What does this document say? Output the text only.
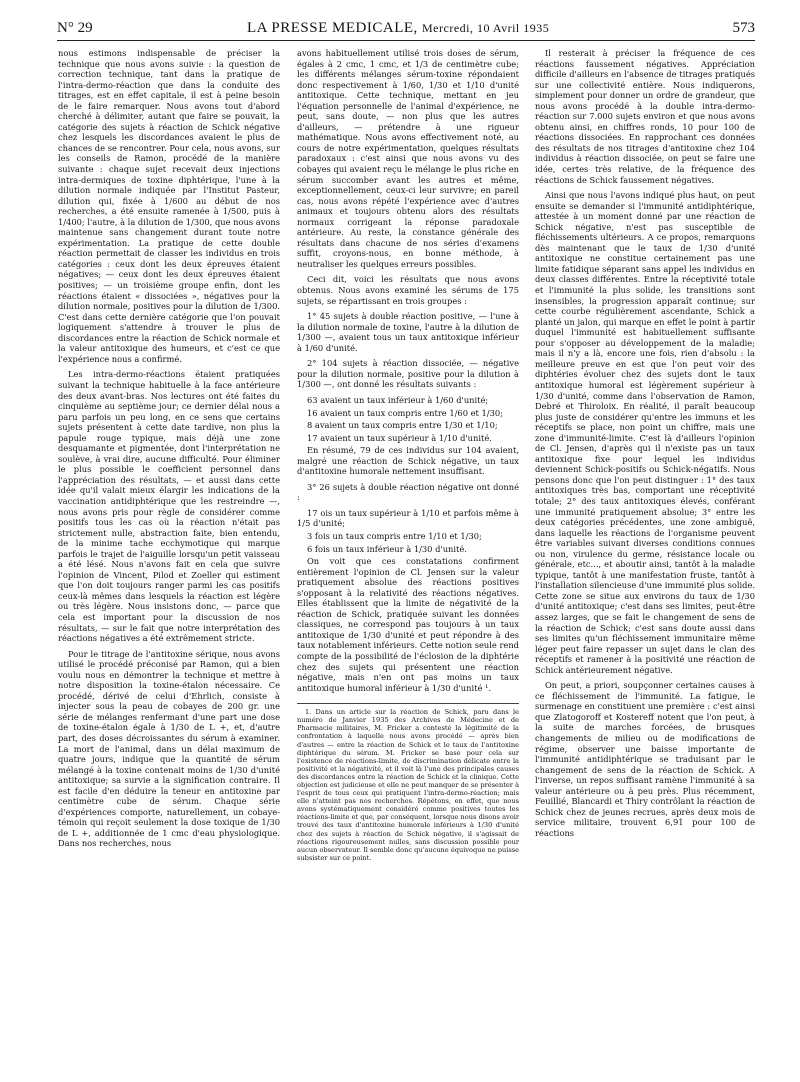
N° 29	LA PRESSE MEDICALE, Mercredi, 10 Avril 1935	573

nous estimons indispensable de préciser la technique que nous avons suivie : la question de correction technique, tant dans la pratique de l'intra-dermo-réaction que dans la conduite des titrages, est en effet capitale, il est à peine besoin de le faire remarquer. Nous avons tout d'abord cherché à délimiter, autant que faire se pouvait, la catégorie des sujets à réaction de Schick négative chez lesquels les discordances avaient le plus de chances de se rencontrer. Pour cela, nous avons, sur les conseils de Ramon, procédé de la manière suivante : chaque sujet recevait deux injections intra-dermiques de toxine diphtérique, l'une à la dilution normale indiquée par l'Institut Pasteur, dilution qui, fixée à 1/600 au début de nos recherches, a été ensuite ramenée à 1/500, puis à 1/400; l'autre, à la dilution de 1/300, que nous avons maintenue sans changement durant toute notre expérimentation. La pratique de cette double réaction permettait de classer les individus en trois catégories : ceux dont les deux épreuves étaient négatives; — ceux dont les deux épreuves étaient positives; — un troisième groupe enfin, dont les réactions étaient « dissociées », négatives pour la dilution normale, positives pour la dilution de 1/300. C'est dans cette dernière catégorie que l'on pouvait logiquement s'attendre à trouver le plus de discordances entre la réaction de Schick normale et la valeur antitoxique des humeurs, et c'est ce que l'expérience nous a confirmé.

Les intra-dermo-réactions étaient pratiquées suivant la technique habituelle à la face antérieure des deux avant-bras. Nos lectures ont été faites du cinquième au septième jour; ce dernier délai nous a paru parfois un peu long, en ce sens que certains sujets présentent à cette date tardive, non plus la papule rouge typique, mais déjà une zone desquamante et pigmentée, dont l'interprétation ne soulève, à vrai dire, aucune difficulté. Pour éliminer le plus possible le coefficient personnel dans l'appréciation des résultats, — et aussi dans cette idée qu'il valait mieux élargir les indications de la vaccination antidiphtérique que les restreindre —, nous avons pris pour règle de considérer comme positifs tous les cas où la réaction n'était pas strictement nulle, abstraction faite, bien entendu, de la minime tache ecchymotique qui marque parfois le trajet de l'aiguille lorsqu'un petit vaisseau a été lésé. Nous n'avons fait en cela que suivre l'opinion de Vincent, Pilod et Zoeller qui estiment que l'on doit toujours ranger parmi les cas positifs ceux-là mêmes dans lesquels la réaction est légère ou très légère. Nous insistons donc, — parce que cela est important pour la discussion de nos résultats, — sur le fait que notre interprétation des réactions négatives a été extrêmement stricte.

Pour le titrage de l'antitoxine sérique, nous avons utilisé le procédé préconisé par Ramon, qui a bien voulu nous en démontrer la technique et mettre à notre disposition la toxine-étalon nécessaire. Ce procédé, dérivé de celui d'Ehrlich, consiste à injecter sous la peau de cobayes de 200 gr. une série de mélanges renfermant d'une part une dose de toxine-étalon égale à 1/30 de L +, et, d'autre part, des doses décroissantes du sérum à examiner. La mort de l'animal, dans un délai maximum de quatre jours, indique que la quantité de sérum mélangé à la toxine contenait moins de 1/30 d'unité antitoxique; sa survie a la signification contraire. Il est facile d'en déduire la teneur en antitoxine par centimètre cube de sérum. Chaque série d'expériences comporte, naturellement, un cobaye-témoin qui reçoit seulement la dose toxique de 1/30 de L +, additionnée de 1 cmc d'eau physiologique. Dans nos recherches, nous

avons habituellement utilisé trois doses de sérum, égales à 2 cmc, 1 cmc, et 1/3 de centimètre cube; les différents mélanges sérum-toxine répondaient donc respectivement à 1/60, 1/30 et 1/10 d'unité antitoxique. Cette technique, mettant en jeu l'équation personnelle de l'animal d'expérience, ne peut, sans doute, — non plus que les autres d'ailleurs, — prétendre à une rigueur mathématique. Nous avons effectivement noté, au cours de notre expérimentation, quelques résultats paradoxaux : c'est ainsi que nous avons vu des cobayes qui avaient reçu le mélange le plus riche en sérum succomber avant les autres et même, exceptionnellement, ceux-ci leur survivre; en pareil cas, nous avons répété l'expérience avec d'autres animaux et toujours obtenu alors des résultats normaux corrigeant la réponse paradoxale antérieure. Au reste, la constance générale des résultats dans chacune de nos séries d'examens suffit, croyons-nous, en bonne méthode, à neutraliser les quelques erreurs possibles.

Ceci dit, voici les résultats que nous avons obtenus. Nous avons examiné les sérums de 175 sujets, se répartissant en trois groupes :

1° 45 sujets à double réaction positive, — l'une à la dilution normale de toxine, l'autre à la dilution de 1/300 —, avaient tous un taux antitoxique inférieur à 1/60 d'unité.

2° 104 sujets à réaction dissociée, — négative pour la dilution normale, positive pour la dilution à 1/300 —, ont donné les résultats suivants :

63 avaient un taux inférieur à 1/60 d'unité;

16 avaient un taux compris entre 1/60 et 1/30;

8 avaient un taux compris entre 1/30 et 1/10;

17 avaient un taux supérieur à 1/10 d'unité.

En résumé, 79 de ces individus sur 104 avaient, malgré une réaction de Schick négative, un taux d'antitoxine humorale nettement insuffisant.

3° 26 sujets à double réaction négative ont donné :

17 ois un taux supérieur à 1/10 et parfois même à 1/5 d'unité;

3 fois un taux compris entre 1/10 et 1/30;

6 fois un taux inférieur à 1/30 d'unité.

On voit que ces constatations confirment entièrement l'opinion de Cl. Jensen sur la valeur pratiquement absolue des réactions positives s'opposant à la relativité des réactions négatives. Elles établissent que la limite de négativité de la réaction de Schick, pratiquée suivant les données classiques, ne correspond pas toujours à un taux antitoxique de 1/30 d'unité et peut répondre à des taux notablement inférieurs. Cette notion seule rend compte de la possibilité de l'éclosion de la diphtérie chez des sujets qui présentent une réaction négative, mais n'en ont pas moins un taux antitoxique humoral inférieur à 1/30 d'unité ¹.

1. Dans un article sur la réaction de Schick, paru dans le numéro de Janvier 1935 des Archives de Médecine et de Pharmacie militaires, M. Fricker a contesté la légitimité de la confrontation à laquelle nous avons procédé — après bien d'autres — entre la réaction de Schick et le taux de l'antitoxine diphtérique du sérum. M. Fricker se base pour cela sur l'existence de réactions-limite, de discrimination délicate entre la positivité et la négativité, et il voit là l'une des principales causes des discordances entre la réaction de Schick et la clinique. Cette objection est judicieuse et elle ne peut manquer de se présenter à l'esprit de tous ceux qui pratiquent l'intra-dermo-réaction; mais elle n'atteint pas nos recherches. Répétons, en effet, que nous avons systématiquement considéré comme positives toutes les réactions-limite et que, par conséquent, lorsque nous disons avoir trouvé des taux d'antitoxine humorale inférieurs à 1/30 d'unité chez des sujets à réaction de Schick négative, il s'agissait de réactions rigoureusement nulles, sans discussion possible pour aucun observateur. Il semble donc qu'aucune équivoque ne puisse subsister sur ce point.

Il resterait à préciser la fréquence de ces réactions faussement négatives. Appréciation difficile d'ailleurs en l'absence de titrages pratiqués sur une collectivité entière. Nous indiquerons, simplement pour donner un ordre de grandeur, que nous avons procédé à la double intra-dermo-réaction sur 7.000 sujets environ et que nous avons obtenu ainsi, en chiffres ronds, 10 pour 100 de réactions dissociées. En rapprochant ces données des résultats de nos titrages d'antitoxine chez 104 individus à réaction dissociée, on peut se faire une idée, certes très relative, de la fréquence des réactions de Schick faussement négatives.

Ainsi que nous l'avons indiqué plus haut, on peut ensuite se demander si l'immunité antidiphtérique, attestée à un moment donné par une réaction de Schick négative, n'est pas susceptible de fléchissements ultérieurs. A ce propos, remarquons dès maintenant que le taux de 1/30 d'unité antitoxique ne constitue certainement pas une limite fatidique séparant sans appel les individus en deux classes différentes. Entre la réceptivité totale et l'immunité la plus solide, les transitions sont insensibles, la progression apparaît continue; sur cette courbe régulièrement ascendante, Schick a planté un jalon, qui marque en effet le point à partir duquel l'immunité est habituellement suffisante pour s'opposer au développement de la maladie; mais il n'y a là, encore une fois, rien d'absolu : la meilleure preuve en est que l'on peut voir des diphtéries évoluer chez des sujets dont le taux antitoxique humoral est légèrement supérieur à 1/30 d'unité, comme dans l'observation de Ramon, Debré et Thiroloix. En réalité, il paraît beaucoup plus juste de considérer qu'entre les immuns et les réceptifs se place, non point un chiffre, mais une zone d'immunité-limite. C'est là d'ailleurs l'opinion de Cl. Jensen, d'après qui il n'existe pas un taux antitoxique fixe pour lequel les individus deviennent Schick-positifs ou Schick-négatifs. Nous pensons donc que l'on peut distinguer : 1° des taux antitoxiques très bas, comportant une réceptivité totale; 2° des taux antitoxiques élevés, conférant une immunité pratiquement absolue; 3° entre les deux catégories précédentes, une zone ambiguë, dans laquelle les réactions de l'organisme peuvent être variables suivant diverses conditions connues ou non, virulence du germe, résistance locale ou générale, etc..., et aboutir ainsi, tantôt à la maladie typique, tantôt à une manifestation fruste, tantôt à l'installation silencieuse d'une immunité plus solide. Cette zone se situe aux environs du taux de 1/30 d'unité antitoxique; c'est dans ses limites, peut-être assez larges, que se fait le changement de sens de la réaction de Schick; c'est sans doute aussi dans ses limites qu'un fléchissement immunitaire même léger peut faire repasser un sujet dans le clan des réceptifs et ramener à la positivité une réaction de Schick antérieurement négative.

On peut, a priori, soupçonner certaines causes à ce fléchissement de l'immunité. La fatigue, le surmenage en constituent une première : c'est ainsi que Zlatogoroff et Kostereff notent que l'on peut, à la suite de marches forcées, de brusques changements de milieu ou de modifications de régime, observer une baisse importante de l'immunité antidiphtérique se traduisant par le changement de sens de la réaction de Schick. A l'inverse, un repos suffisant ramène l'immunité à sa valeur antérieure ou à peu près. Plus récemment, Feuillié, Blancardi et Thiry contrôlant la réaction de Schick chez de jeunes recrues, après deux mois de service militaire, trouvent 6,91 pour 100 de réactions
